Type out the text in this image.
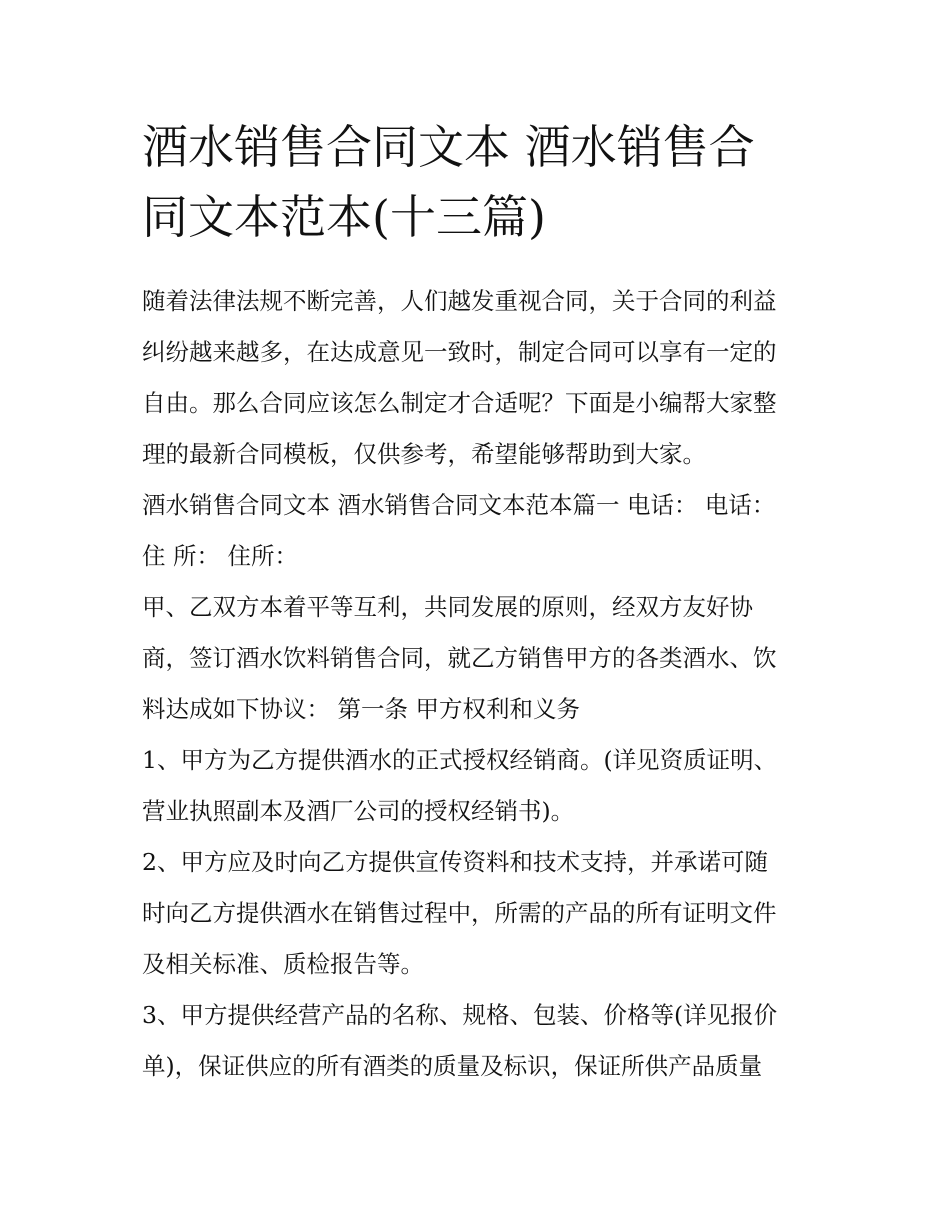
酒水销售合同文本 酒水销售合
同文本范本(十三篇)

随着法律法规不断完善，人们越发重视合同，关于合同的利益
纠纷越来越多，在达成意见一致时，制定合同可以享有一定的
自由。那么合同应该怎么制定才合适呢？下面是小编帮大家整
理的最新合同模板，仅供参考，希望能够帮助到大家。

酒水销售合同文本 酒水销售合同文本范本篇一 电话： 电话：
住 所： 住所：

甲、乙双方本着平等互利，共同发展的原则，经双方友好协
商，签订酒水饮料销售合同，就乙方销售甲方的各类酒水、饮
料达成如下协议： 第一条 甲方权利和义务

1、甲方为乙方提供酒水的正式授权经销商。(详见资质证明、
营业执照副本及酒厂公司的授权经销书)。

2、甲方应及时向乙方提供宣传资料和技术支持，并承诺可随
时向乙方提供酒水在销售过程中，所需的产品的所有证明文件
及相关标准、质检报告等。

3、甲方提供经营产品的名称、规格、包装、价格等(详见报价
单)，保证供应的所有酒类的质量及标识，保证所供产品质量
